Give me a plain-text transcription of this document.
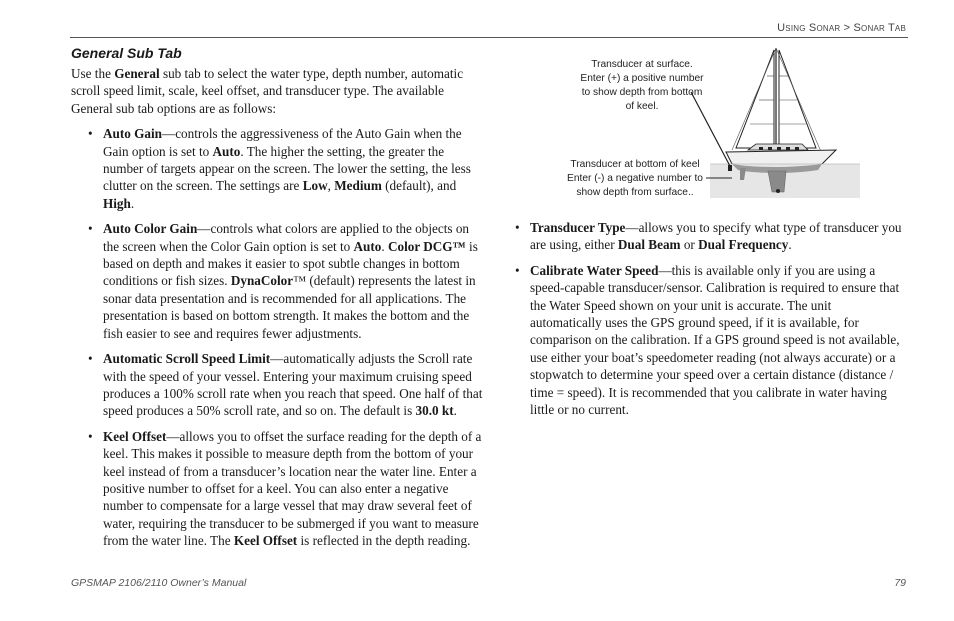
Using Sonar > Sonar Tab
General Sub Tab

Use the General sub tab to select the water type, depth number, automatic scroll speed limit, scale, keel offset, and transducer type. The available General sub tab options are as follows:

• Auto Gain—controls the aggressiveness of the Auto Gain when the Gain option is set to Auto. The higher the setting, the greater the number of targets appear on the screen. The lower the setting, the less clutter on the screen. The settings are Low, Medium (default), and High.
• Auto Color Gain—controls what colors are applied to the objects on the screen when the Color Gain option is set to Auto. Color DCG™ is based on depth and makes it easier to spot subtle changes in bottom conditions or fish sizes. DynaColor™ (default) represents the latest in sonar data presentation and is recommended for all applications. The presentation is based on bottom strength. It makes the bottom and the fish easier to see and requires fewer adjustments.
• Automatic Scroll Speed Limit—automatically adjusts the Scroll rate with the speed of your vessel. Entering your maximum cruising speed produces a 100% scroll rate when you reach that speed. One half of that speed produces a 50% scroll rate, and so on. The default is 30.0 kt.
• Keel Offset—allows you to offset the surface reading for the depth of a keel. This makes it possible to measure depth from the bottom of your keel instead of from a transducer’s location near the water line. Enter a positive number to offset for a keel. You can also enter a negative number to compensate for a large vessel that may draw several feet of water, requiring the transducer to be submerged if you want to measure from the water line. The Keel Offset is reflected in the depth reading.
Transducer at surface. Enter (+) a positive number to show depth from bottom of keel.
Transducer at bottom of keel Enter (-) a negative number to show depth from surface..
• Transducer Type—allows you to specify what type of transducer you are using, either Dual Beam or Dual Frequency.
• Calibrate Water Speed—this is available only if you are using a speed-capable transducer/sensor. Calibration is required to ensure that the Water Speed shown on your unit is accurate. The unit automatically uses the GPS ground speed, if it is available, for comparison on the calibration. If a GPS ground speed is not available, use either your boat’s speedometer reading (not always accurate) or a stopwatch to determine your speed over a certain distance (distance / time = speed). It is recommended that you calibrate in water having little or no current.
GPSMAP 2106/2110 Owner’s Manual	79
